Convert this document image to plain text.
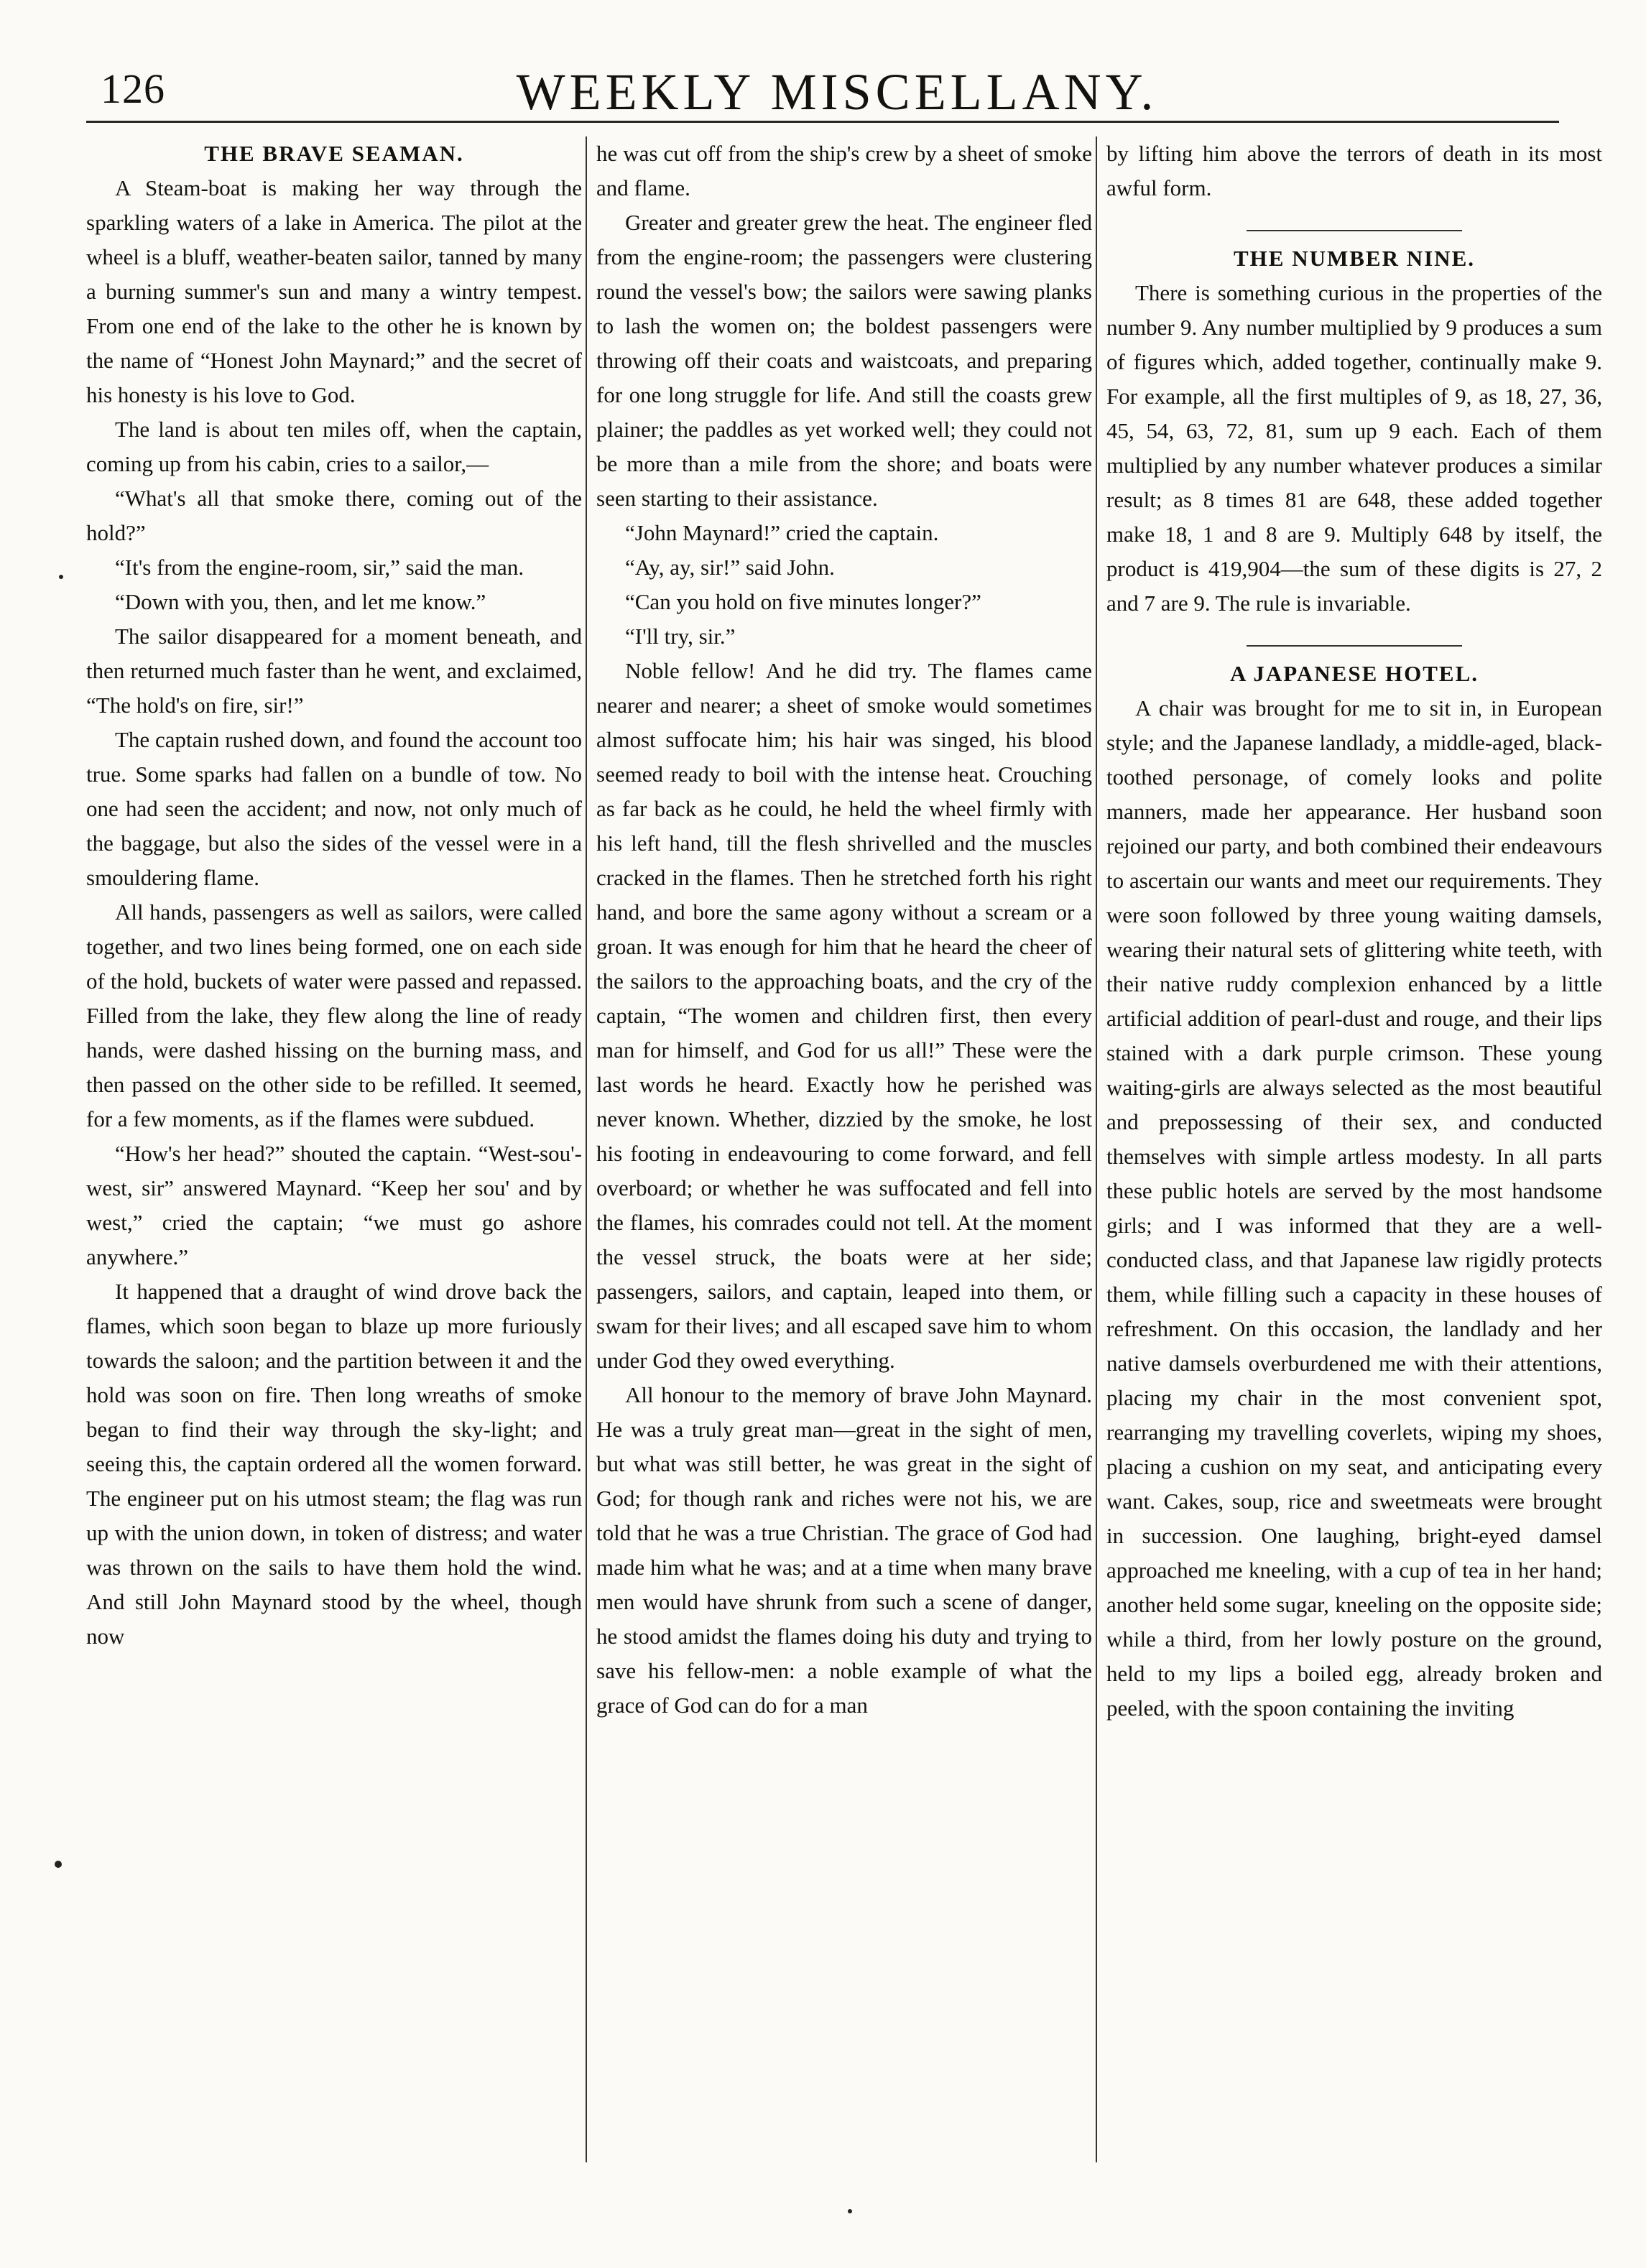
126	WEEKLY MISCELLANY.
THE BRAVE SEAMAN.

A Steam-boat is making her way through the sparkling waters of a lake in America. The pilot at the wheel is a bluff, weather-beaten sailor, tanned by many a burning summer's sun and many a wintry tempest. From one end of the lake to the other he is known by the name of “Honest John Maynard;” and the secret of his honesty is his love to God.

The land is about ten miles off, when the captain, coming up from his cabin, cries to a sailor,—

“What's all that smoke there, coming out of the hold?”

“It's from the engine-room, sir,” said the man.

“Down with you, then, and let me know.”

The sailor disappeared for a moment beneath, and then returned much faster than he went, and exclaimed, “The hold's on fire, sir!”

The captain rushed down, and found the account too true. Some sparks had fallen on a bundle of tow. No one had seen the accident; and now, not only much of the baggage, but also the sides of the vessel were in a smouldering flame.

All hands, passengers as well as sailors, were called together, and two lines being formed, one on each side of the hold, buckets of water were passed and repassed. Filled from the lake, they flew along the line of ready hands, were dashed hissing on the burning mass, and then passed on the other side to be refilled. It seemed, for a few moments, as if the flames were subdued.

“How's her head?” shouted the captain. “West-sou'-west, sir” answered Maynard. “Keep her sou' and by west,” cried the captain; “we must go ashore anywhere.”

It happened that a draught of wind drove back the flames, which soon began to blaze up more furiously towards the saloon; and the partition between it and the hold was soon on fire. Then long wreaths of smoke began to find their way through the sky-light; and seeing this, the captain ordered all the women forward. The engineer put on his utmost steam; the flag was run up with the union down, in token of distress; and water was thrown on the sails to have them hold the wind. And still John Maynard stood by the wheel, though now

he was cut off from the ship's crew by a sheet of smoke and flame.

Greater and greater grew the heat. The engineer fled from the engine-room; the passengers were clustering round the vessel's bow; the sailors were sawing planks to lash the women on; the boldest passengers were throwing off their coats and waistcoats, and preparing for one long struggle for life. And still the coasts grew plainer; the paddles as yet worked well; they could not be more than a mile from the shore; and boats were seen starting to their assistance.

“John Maynard!” cried the captain.

“Ay, ay, sir!” said John.

“Can you hold on five minutes longer?”

“I'll try, sir.”

Noble fellow! And he did try. The flames came nearer and nearer; a sheet of smoke would sometimes almost suffocate him; his hair was singed, his blood seemed ready to boil with the intense heat. Crouching as far back as he could, he held the wheel firmly with his left hand, till the flesh shrivelled and the muscles cracked in the flames. Then he stretched forth his right hand, and bore the same agony without a scream or a groan. It was enough for him that he heard the cheer of the sailors to the approaching boats, and the cry of the captain, “The women and children first, then every man for himself, and God for us all!” These were the last words he heard. Exactly how he perished was never known. Whether, dizzied by the smoke, he lost his footing in endeavouring to come forward, and fell overboard; or whether he was suffocated and fell into the flames, his comrades could not tell. At the moment the vessel struck, the boats were at her side; passengers, sailors, and captain, leaped into them, or swam for their lives; and all escaped save him to whom under God they owed everything.

All honour to the memory of brave John Maynard. He was a truly great man—great in the sight of men, but what was still better, he was great in the sight of God; for though rank and riches were not his, we are told that he was a true Christian. The grace of God had made him what he was; and at a time when many brave men would have shrunk from such a scene of danger, he stood amidst the flames doing his duty and trying to save his fellow-men: a noble example of what the grace of God can do for a man

by lifting him above the terrors of death in its most awful form.

THE NUMBER NINE.

There is something curious in the properties of the number 9. Any number multiplied by 9 produces a sum of figures which, added together, continually make 9. For example, all the first multiples of 9, as 18, 27, 36, 45, 54, 63, 72, 81, sum up 9 each. Each of them multiplied by any number whatever produces a similar result; as 8 times 81 are 648, these added together make 18, 1 and 8 are 9. Multiply 648 by itself, the product is 419,904—the sum of these digits is 27, 2 and 7 are 9. The rule is invariable.

A JAPANESE HOTEL.

A chair was brought for me to sit in, in European style; and the Japanese landlady, a middle-aged, black-toothed personage, of comely looks and polite manners, made her appearance. Her husband soon rejoined our party, and both combined their endeavours to ascertain our wants and meet our requirements. They were soon followed by three young waiting damsels, wearing their natural sets of glittering white teeth, with their native ruddy complexion enhanced by a little artificial addition of pearl-dust and rouge, and their lips stained with a dark purple crimson. These young waiting-girls are always selected as the most beautiful and prepossessing of their sex, and conducted themselves with simple artless modesty. In all parts these public hotels are served by the most handsome girls; and I was informed that they are a well-conducted class, and that Japanese law rigidly protects them, while filling such a capacity in these houses of refreshment. On this occasion, the landlady and her native damsels overburdened me with their attentions, placing my chair in the most convenient spot, rearranging my travelling coverlets, wiping my shoes, placing a cushion on my seat, and anticipating every want. Cakes, soup, rice and sweetmeats were brought in succession. One laughing, bright-eyed damsel approached me kneeling, with a cup of tea in her hand; another held some sugar, kneeling on the opposite side; while a third, from her lowly posture on the ground, held to my lips a boiled egg, already broken and peeled, with the spoon containing the inviting
